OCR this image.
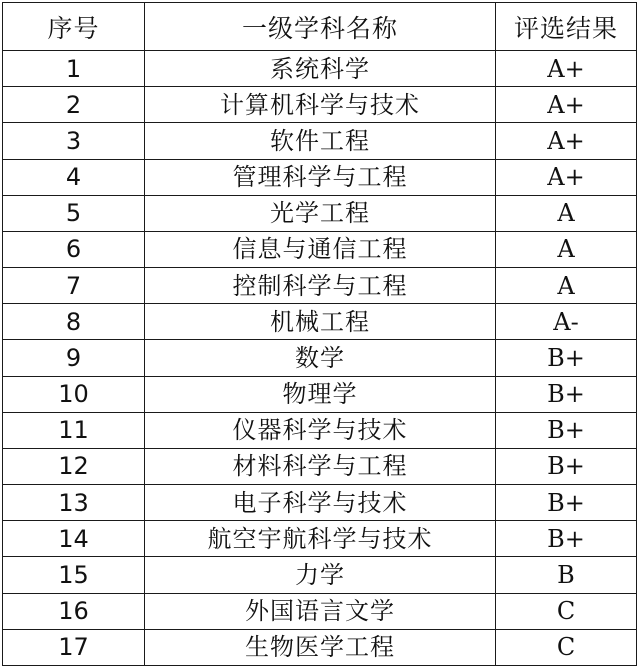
序号	一级学科名称	评选结果
1	系统科学	A+
2	计算机科学与技术	A+
3	软件工程	A+
4	管理科学与工程	A+
5	光学工程	A
6	信息与通信工程	A
7	控制科学与工程	A
8	机械工程	A-
9	数学	B+
10	物理学	B+
11	仪器科学与技术	B+
12	材料科学与工程	B+
13	电子科学与技术	B+
14	航空宇航科学与技术	B+
15	力学	B
16	外国语言文学	C
17	生物医学工程	C
